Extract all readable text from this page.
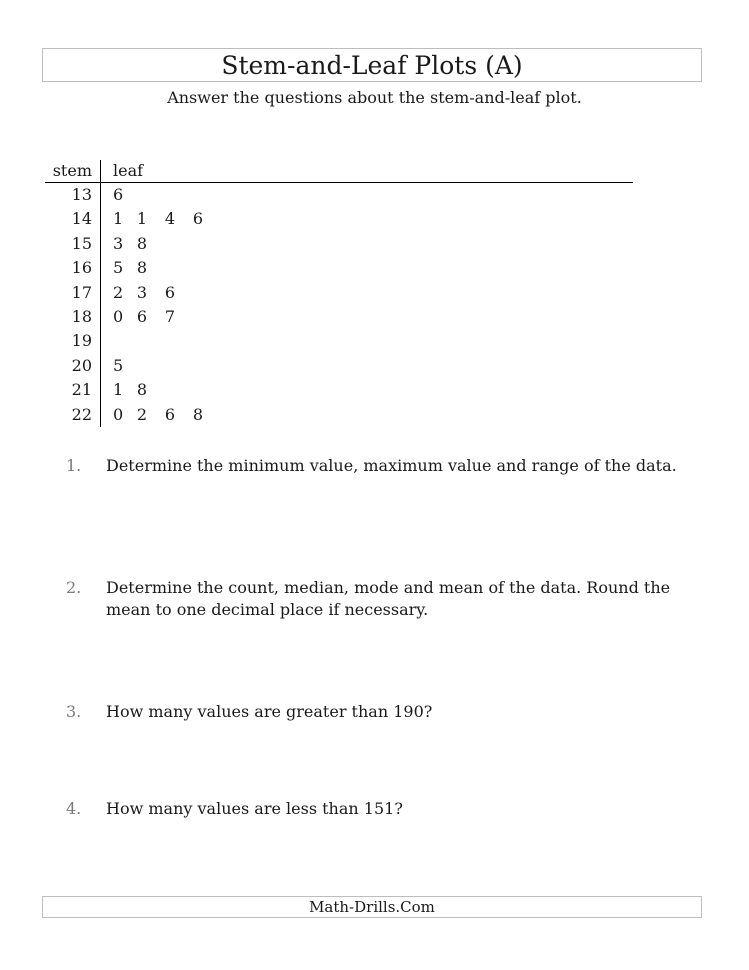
Stem-and-Leaf Plots (A)
Answer the questions about the stem-and-leaf plot.
stem	leaf
13	6
14	1 1 4 6
15	3 8
16	5 8
17	2 3 6
18	0 6 7
19
20	5
21	1 8
22	0 2 6 8
1.	Determine the minimum value, maximum value and range of the data.
2.	Determine the count, median, mode and mean of the data. Round the mean to one decimal place if necessary.
3.	How many values are greater than 190?
4.	How many values are less than 151?
Math-Drills.Com
